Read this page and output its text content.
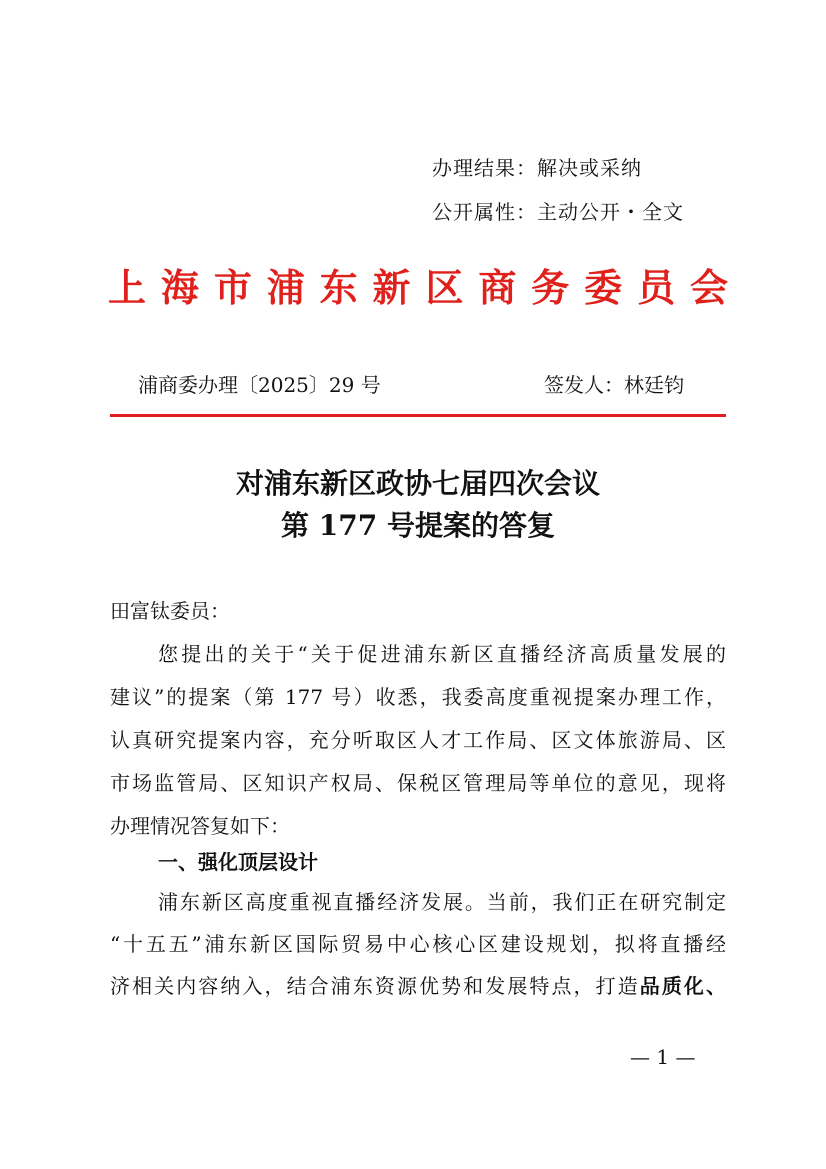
办理结果：解决或采纳
公开属性：主动公开・全文
上 海 市 浦 东 新 区 商 务 委 员 会
浦商委办理〔2025〕29 号	签发人：林廷钧
对浦东新区政协七届四次会议
第 177 号提案的答复
田富钛委员：
您提出的关于“关于促进浦东新区直播经济高质量发展的
建议”的提案（第 177 号）收悉，我委高度重视提案办理工作，
认真研究提案内容，充分听取区人才工作局、区文体旅游局、区
市场监管局、区知识产权局、保税区管理局等单位的意见，现将
办理情况答复如下：
一、强化顶层设计
浦东新区高度重视直播经济发展。当前，我们正在研究制定
“十五五”浦东新区国际贸易中心核心区建设规划，拟将直播经
济相关内容纳入，结合浦东资源优势和发展特点，打造品质化、
— 1 —
